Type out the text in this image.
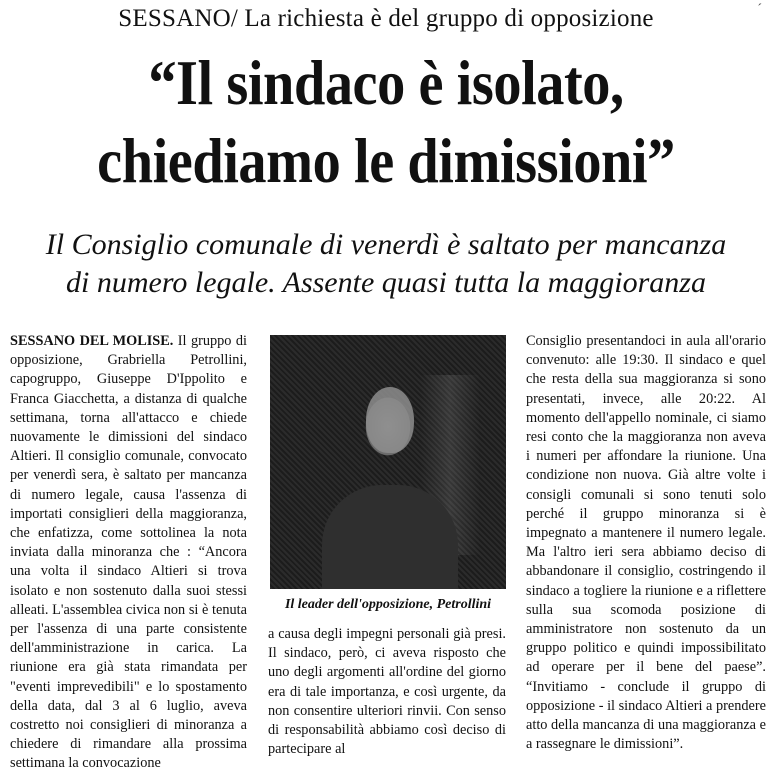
SESSANO/ La richiesta è del gruppo di opposizione	´
“Il sindaco è isolato,
chiediamo le dimissioni”
Il Consiglio comunale di venerdì è saltato per mancanza
di numero legale. Assente quasi tutta la maggioranza
SESSANO DEL MOLISE. Il gruppo di opposizione, Grabriella Petrollini, capogruppo, Giuseppe D'Ippolito e Franca Giacchetta, a distanza di qualche settimana, torna all'attacco e chiede nuovamente le dimissioni del sindaco Altieri. Il consiglio comunale, convocato per venerdì sera, è saltato per mancanza di numero legale, causa l'assenza di importati consiglieri della maggioranza, che enfatizza, come sottolinea la nota inviata dalla minoranza che : “Ancora una volta il sindaco Altieri si trova isolato e non sostenuto dalla suoi stessi alleati. L'assemblea civica non si è tenuta per l'assenza di una parte consistente dell'amministrazione in carica. La riunione era già stata rimandata per "eventi imprevedibili" e lo spostamento della data, dal 3 al 6 luglio, aveva costretto noi consiglieri di minoranza a chiedere di rimandare alla prossima settimana la convocazione
Il leader dell'opposizione, Petrollini
a causa degli impegni personali già presi. Il sindaco, però, ci aveva risposto che uno degli argomenti all'ordine del giorno era di tale importanza, e così urgente, da non consentire ulteriori rinvii. Con senso di responsabilità abbiamo così deciso di partecipare al
Consiglio presentandoci in aula all'orario convenuto: alle 19:30. Il sindaco e quel che resta della sua maggioranza si sono presentati, invece, alle 20:22. Al momento dell'appello nominale, ci siamo resi conto che la maggioranza non aveva i numeri per affondare la riunione. Una condizione non nuova. Già altre volte i consigli comunali si sono tenuti solo perché il gruppo minoranza si è impegnato a mantenere il numero legale. Ma l'altro ieri sera abbiamo deciso di abbandonare il consiglio, costringendo il sindaco a togliere la riunione e a riflettere sulla sua scomoda posizione di amministratore non sostenuto da un gruppo politico e quindi impossibilitato ad operare per il bene del paese”. “Invitiamo - conclude il gruppo di opposizione - il sindaco Altieri a prendere atto della mancanza di una maggioranza e a rassegnare le dimissioni”.
